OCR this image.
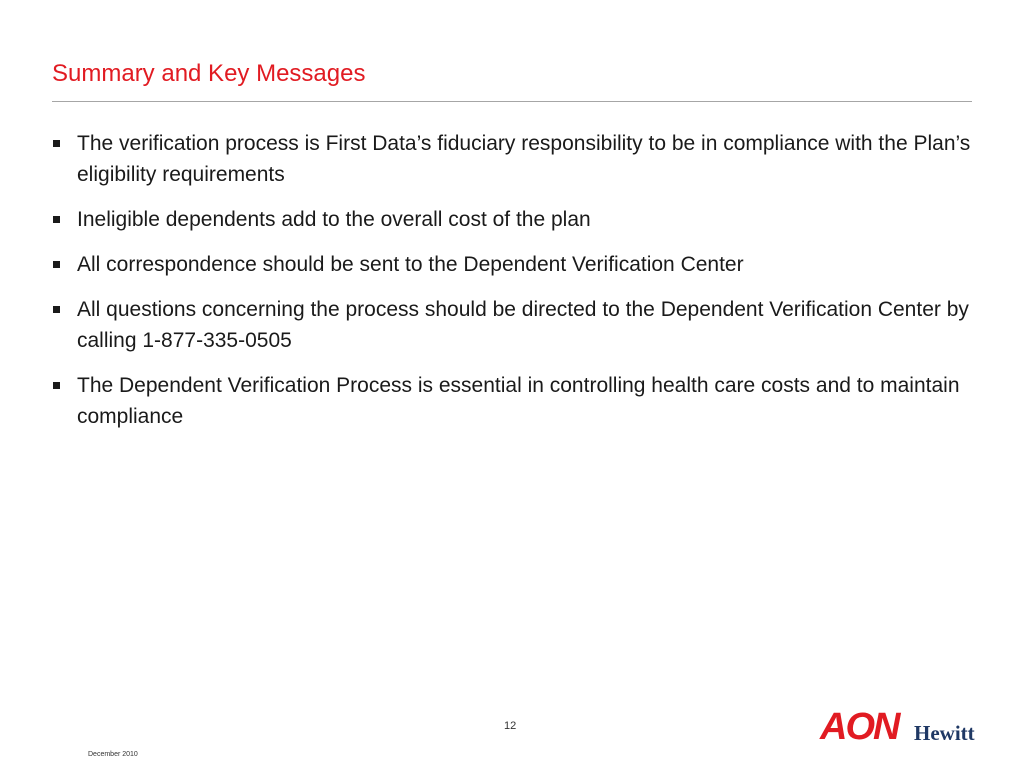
Summary and Key Messages
The verification process is First Data’s fiduciary responsibility to be in compliance with the Plan’s eligibility requirements
Ineligible dependents add to the overall cost of the plan
All correspondence should be sent to the Dependent Verification Center
All questions concerning the process should be directed to the Dependent Verification Center by calling 1-877-335-0505
The Dependent Verification Process is essential in controlling health care costs and to maintain compliance
12
December 2010
AON Hewitt
